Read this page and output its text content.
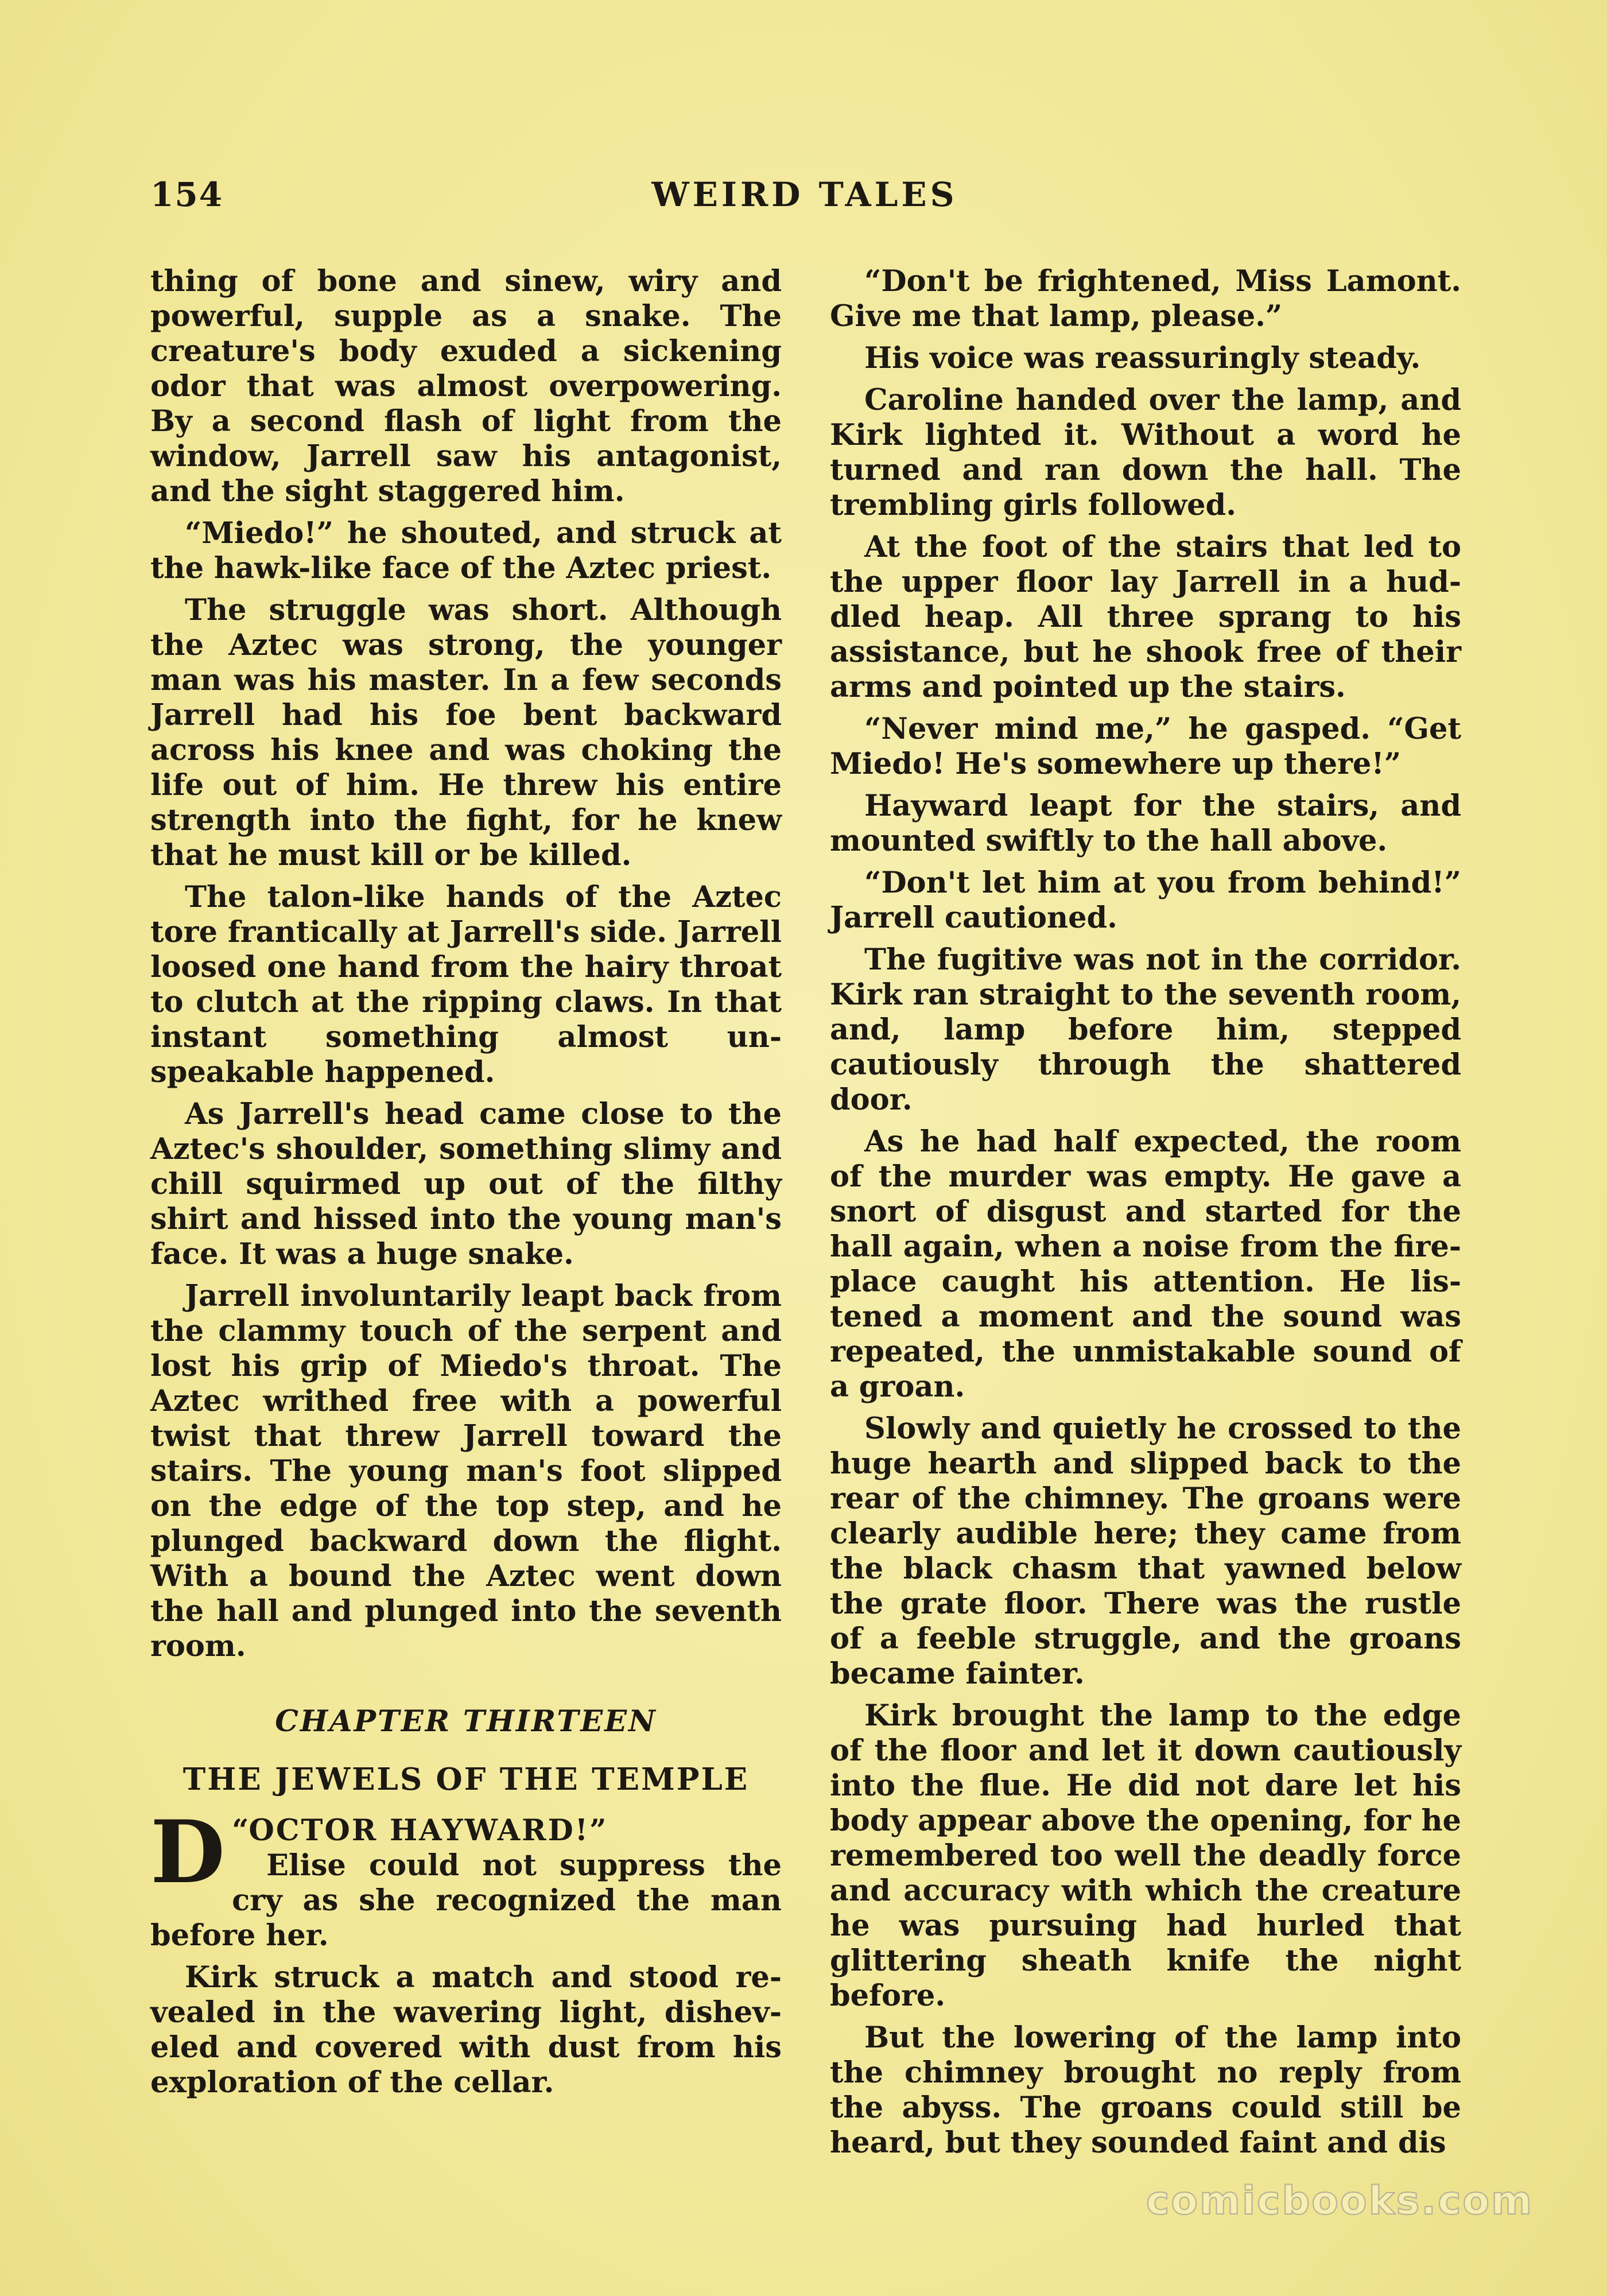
154	WEIRD TALES

thing of bone and sinew, wiry and powerful, supple as a snake. The creature's body exuded a sickening odor that was almost overpowering. By a second flash of light from the window, Jarrell saw his antagonist, and the sight staggered him.

“Miedo!” he shouted, and struck at the hawk-like face of the Aztec priest.

The struggle was short. Although the Aztec was strong, the younger man was his master. In a few seconds Jarrell had his foe bent backward across his knee and was choking the life out of him. He threw his entire strength into the fight, for he knew that he must kill or be killed.

The talon-like hands of the Aztec tore frantically at Jarrell's side. Jarrell loosed one hand from the hairy throat to clutch at the ripping claws. In that instant something almost unspeakable happened.

As Jarrell's head came close to the Aztec's shoulder, something slimy and chill squirmed up out of the filthy shirt and hissed into the young man's face. It was a huge snake.

Jarrell involuntarily leapt back from the clammy touch of the serpent and lost his grip of Miedo's throat. The Aztec writhed free with a powerful twist that threw Jarrell toward the stairs. The young man's foot slipped on the edge of the top step, and he plunged backward down the flight. With a bound the Aztec went down the hall and plunged into the seventh room.

CHAPTER THIRTEEN
THE JEWELS OF THE TEMPLE
“
D OCTOR HAYWARD!”

Elise could not suppress the cry as she recognized the man before her.

Kirk struck a match and stood revealed in the wavering light, disheveled and covered with dust from his exploration of the cellar.

“Don't be frightened, Miss Lamont. Give me that lamp, please.”

His voice was reassuringly steady.

Caroline handed over the lamp, and Kirk lighted it. Without a word he turned and ran down the hall. The trembling girls followed.

At the foot of the stairs that led to the upper floor lay Jarrell in a huddled heap. All three sprang to his assistance, but he shook free of their arms and pointed up the stairs.

“Never mind me,” he gasped. “Get Miedo! He's somewhere up there!”

Hayward leapt for the stairs, and mounted swiftly to the hall above.

“Don't let him at you from behind!” Jarrell cautioned.

The fugitive was not in the corridor. Kirk ran straight to the seventh room, and, lamp before him, stepped cautiously through the shattered door.

As he had half expected, the room of the murder was empty. He gave a snort of disgust and started for the hall again, when a noise from the fireplace caught his attention. He listened a moment and the sound was repeated, the unmistakable sound of a groan.

Slowly and quietly he crossed to the huge hearth and slipped back to the rear of the chimney. The groans were clearly audible here; they came from the black chasm that yawned below the grate floor. There was the rustle of a feeble struggle, and the groans became fainter.

Kirk brought the lamp to the edge of the floor and let it down cautiously into the flue. He did not dare let his body appear above the opening, for he remembered too well the deadly force and accuracy with which the creature he was pursuing had hurled that glittering sheath knife the night before.

But the lowering of the lamp into the chimney brought no reply from the abyss. The groans could still be heard, but they sounded faint and dis

comicbooks.com
